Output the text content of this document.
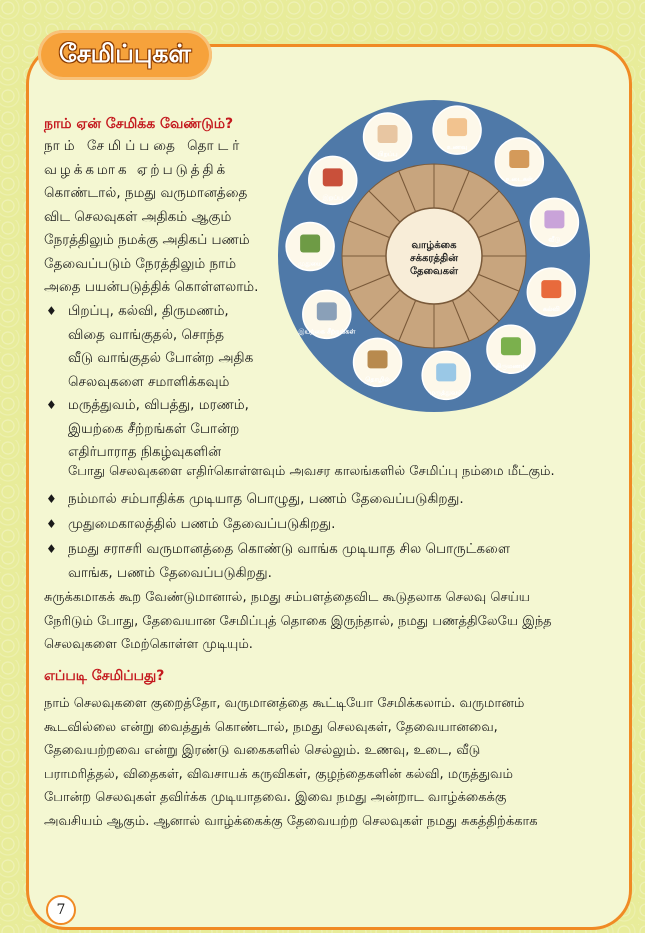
சேமிப்புகள்
நாம் ஏன் சேமிக்க வேண்டும்?
நாம் சேமிப்பதை தொடர்
வழக்கமாக ஏற்படுத்திக்
கொண்டால், நமது வருமானத்தை
விட செலவுகள் அதிகம் ஆகும்
நேரத்திலும் நமக்கு அதிகப் பணம்
தேவைப்படும் நேரத்திலும் நாம்
அதை பயன்படுத்திக் கொள்ளலாம்.
♦ பிறப்பு, கல்வி, திருமணம்,
விதை வாங்குதல், சொந்த
வீடு வாங்குதல் போன்ற அதிக
செலவுகளை சமாளிக்கவும்
♦ மருத்துவம், விபத்து, மரணம்,
இயற்கை சீற்றங்கள் போன்ற
எதிர்பாராத நிகழ்வுகளின்
போது செலவுகளை எதிர்கொள்ளவும் அவசர காலங்களில் சேமிப்பு நம்மை மீட்கும்.
♦ நம்மால் சம்பாதிக்க முடியாத பொழுது, பணம் தேவைப்படுகிறது.
♦ முதுமைகாலத்தில் பணம் தேவைப்படுகிறது.
♦ நமது சராசரி வருமானத்தை கொண்டு வாங்க முடியாத சில பொருட்களை
வாங்க, பணம் தேவைப்படுகிறது.
சுருக்கமாகக் கூற வேண்டுமானால், நமது சம்பளத்தைவிட கூடுதலாக செலவு செய்ய
நேரிடும் போது, தேவையான சேமிப்புத் தொகை இருந்தால், நமது பணத்திலேயே இந்த
செலவுகளை மேற்கொள்ள முடியும்.
எப்படி சேமிப்பது?
நாம் செலவுகளை குறைத்தோ, வருமானத்தை கூட்டியோ சேமிக்கலாம். வருமானம்
கூடவில்லை என்று வைத்துக் கொண்டால், நமது செலவுகள், தேவையானவை,
தேவையற்றவை என்று இரண்டு வகைகளில் செல்லும். உணவு, உடை, வீடு
பராமரித்தல், விதைகள், விவசாயக் கருவிகள், குழந்தைகளின் கல்வி, மருத்துவம்
போன்ற செலவுகள் தவிர்க்க முடியாதவை. இவை நமது அன்றாட வாழ்க்கைக்கு
அவசியம் ஆகும். ஆனால் வாழ்க்கைக்கு தேவையற்ற செலவுகள் நமது சுகத்திற்க்காக
வாழ்க்கை
சக்கரத்தின்
தேவைகள்
பிறப்பு
உணவு
உடைகள்
வீடு
கல்வி
திருமணம்
மருத்துவம்
தொழில்
இயற்கை சீற்றங்கள்
முதுமை
இறப்பு
7
